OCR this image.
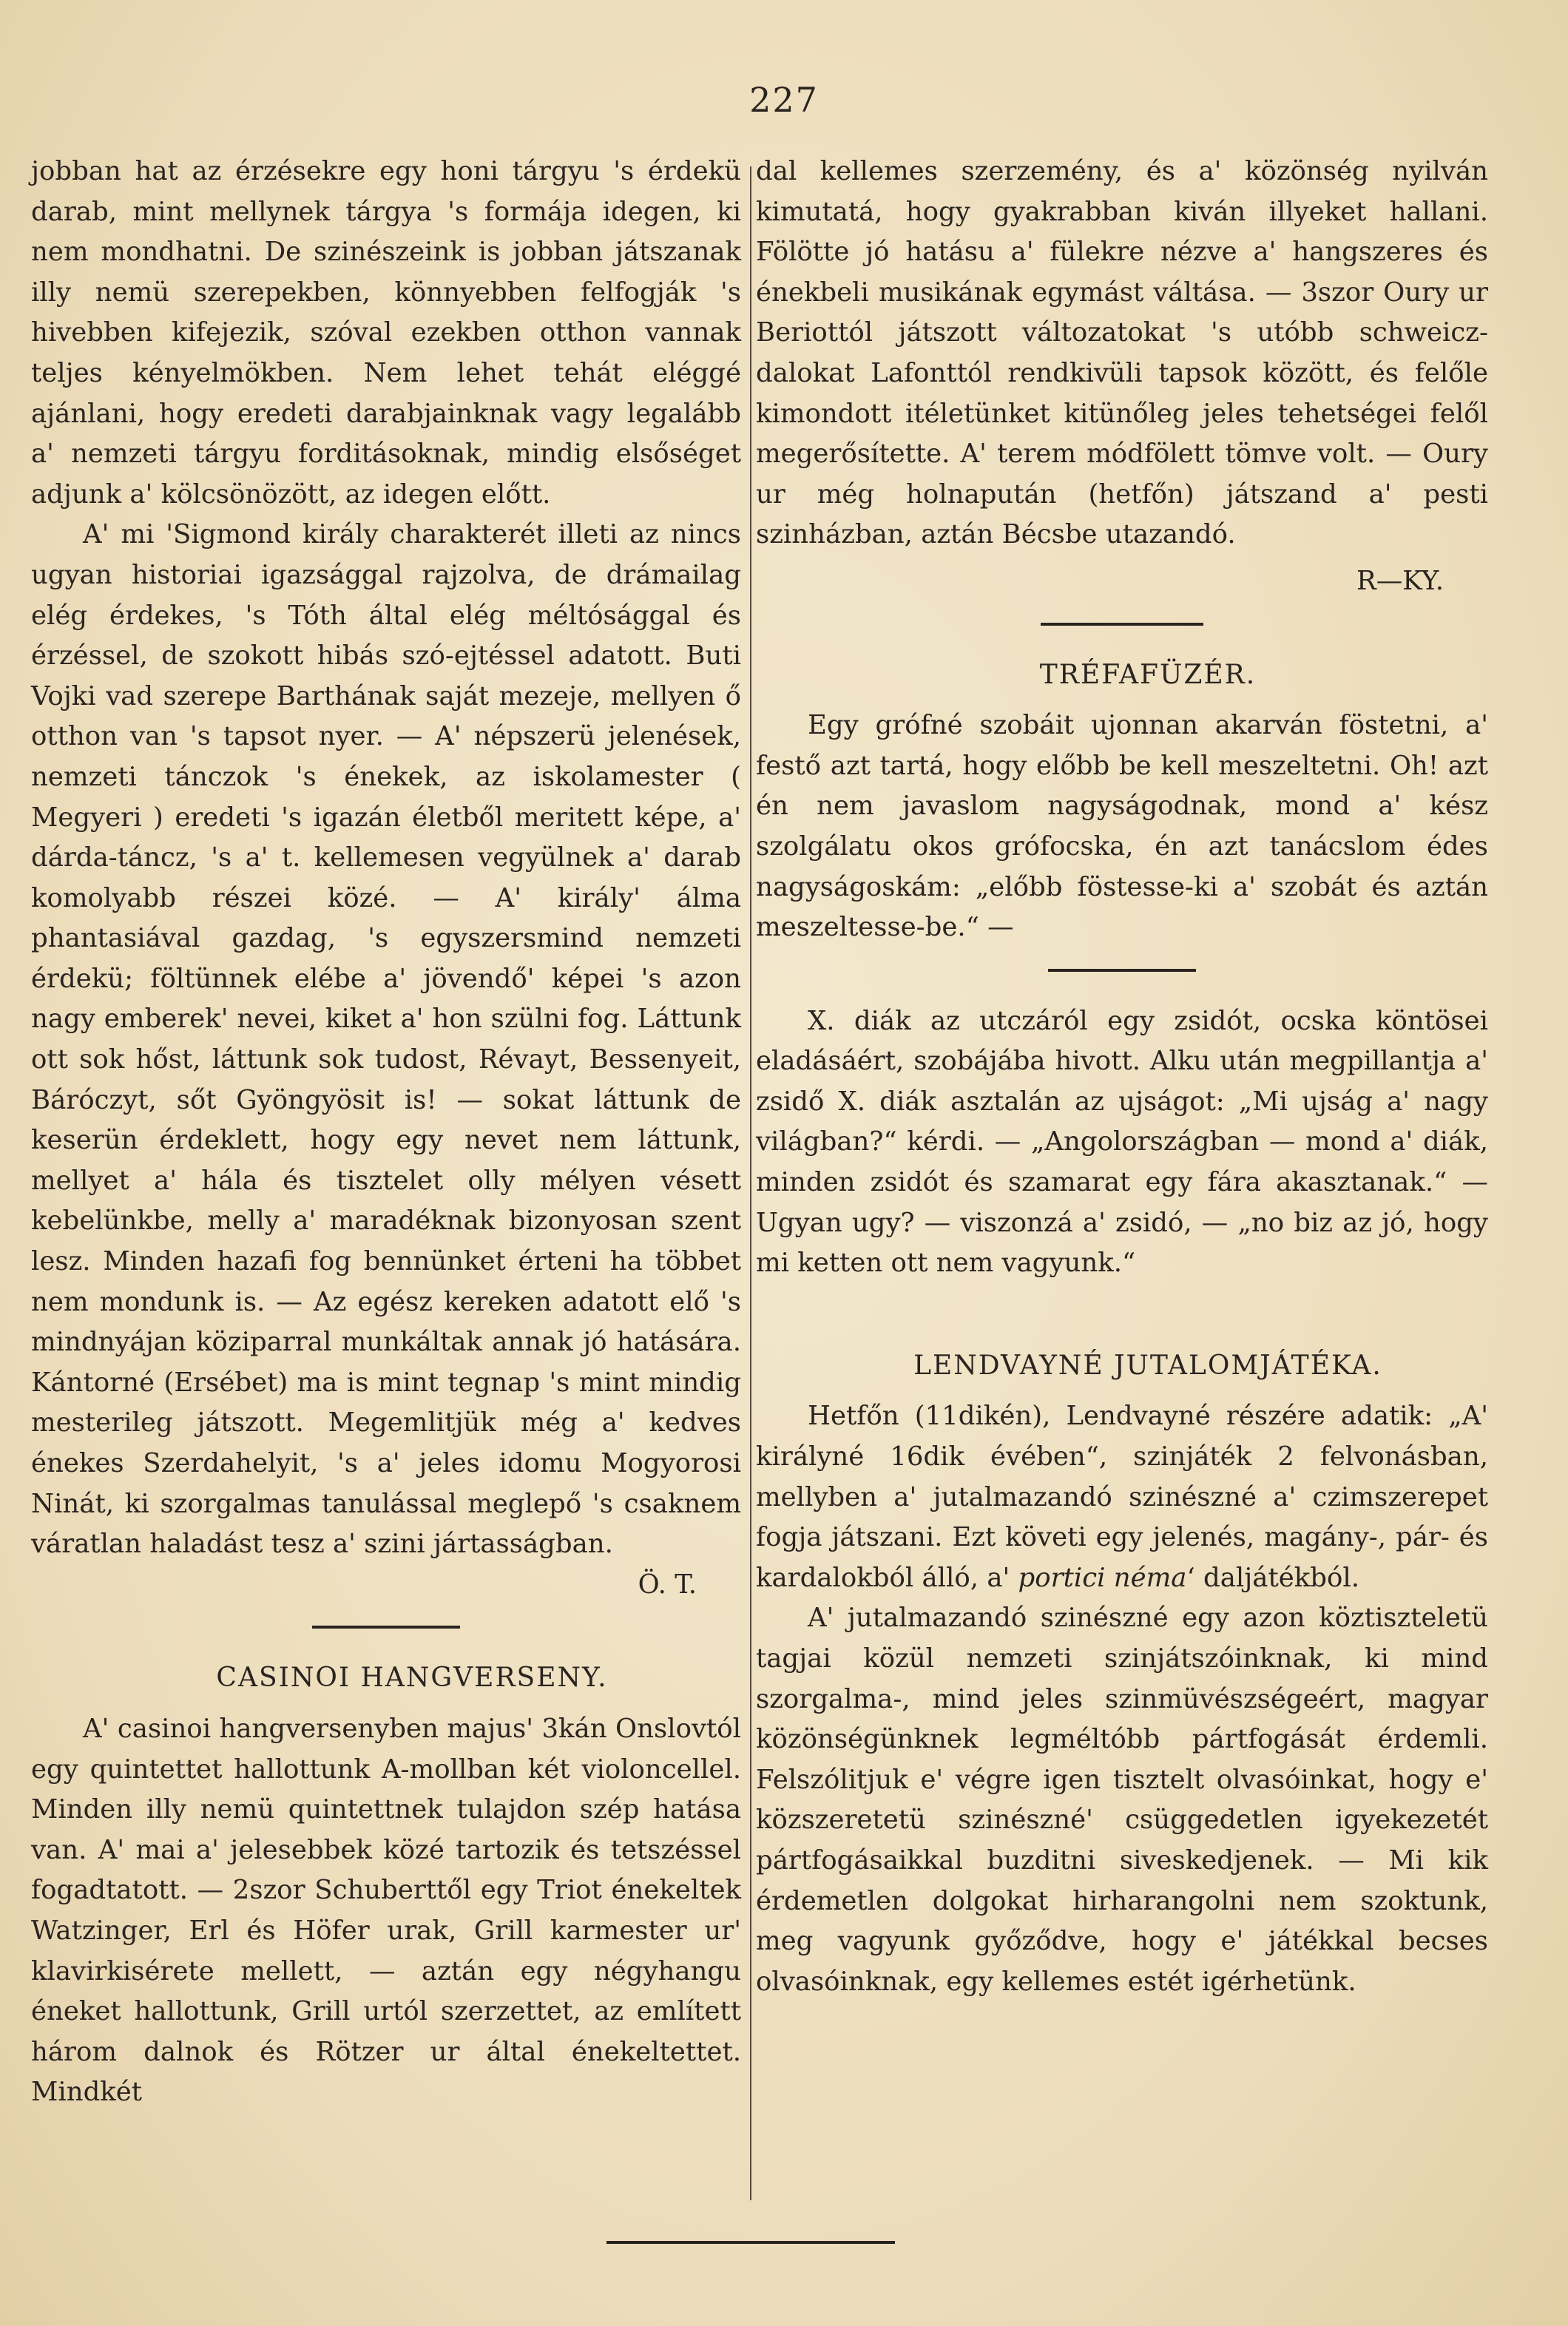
227

jobban hat az érzésekre egy honi tárgyu 's érdekü darab, mint mellynek tárgya 's formája idegen, ki nem mondhatni. De szinészeink is jobban játszanak illy nemü szerepekben, könnyebben felfogják 's hivebben kifejezik, szóval ezekben otthon vannak teljes kényelmökben. Nem lehet tehát eléggé ajánlani, hogy eredeti darabjainknak vagy legalább a' nemzeti tárgyu forditásoknak, mindig elsőséget adjunk a' kölcsönözött, az idegen előtt.

A' mi 'Sigmond király charakterét illeti az nincs ugyan historiai igazsággal rajzolva, de drámailag elég érdekes, 's Tóth által elég méltósággal és érzéssel, de szokott hibás szó-ejtéssel adatott. Buti Vojki vad szerepe Barthának saját mezeje, mellyen ő otthon van 's tapsot nyer. — A' népszerü jelenések, nemzeti tánczok 's énekek, az iskolamester ( Megyeri ) eredeti 's igazán életből meritett képe, a' dárda-táncz, 's a' t. kellemesen vegyülnek a' darab komolyabb részei közé. — A' király' álma phantasiával gazdag, 's egyszersmind nemzeti érdekü; föltünnek elébe a' jövendő' képei 's azon nagy emberek' nevei, kiket a' hon szülni fog. Láttunk ott sok hőst, láttunk sok tudost, Révayt, Bessenyeit, Báróczyt, sőt Gyöngyösit is! — sokat láttunk de keserün érdeklett, hogy egy nevet nem láttunk, mellyet a' hála és tisztelet olly mélyen vésett kebelünkbe, melly a' maradéknak bizonyosan szent lesz. Minden hazafi fog bennünket érteni ha többet nem mondunk is. — Az egész kereken adatott elő 's mindnyájan köziparral munkáltak annak jó hatására. Kántorné (Ersébet) ma is mint tegnap 's mint mindig mesterileg játszott. Megemlitjük még a' kedves énekes Szerdahelyit, 's a' jeles idomu Mogyorosi Ninát, ki szorgalmas tanulással meglepő 's csaknem váratlan haladást tesz a' szini jártasságban.

Ö. T.

CASINOI HANGVERSENY.

A' casinoi hangversenyben majus' 3kán Onslovtól egy quintettet hallottunk A-mollban két violoncellel. Minden illy nemü quintettnek tulajdon szép hatása van. A' mai a' jelesebbek közé tartozik és tetszéssel fogadtatott. — 2szor Schuberttől egy Triot énekeltek Watzinger, Erl és Höfer urak, Grill karmester ur' klavirkisérete mellett, — aztán egy négyhangu éneket hallottunk, Grill urtól szerzettet, az említett három dalnok és Rötzer ur által énekeltettet. Mindkét

dal kellemes szerzemény, és a' közönség nyilván kimutatá, hogy gyakrabban kiván illyeket hallani. Fölötte jó hatásu a' fülekre nézve a' hangszeres és énekbeli musikának egymást váltása. — 3szor Oury ur Beriottól játszott változatokat 's utóbb schweicz-dalokat Lafonttól rendkivüli tapsok között, és felőle kimondott itéletünket kitünőleg jeles tehetségei felől megerősítette. A' terem módfölett tömve volt. — Oury ur még holnapután (hetfőn) játszand a' pesti szinházban, aztán Bécsbe utazandó.

R—KY.

TRÉFAFÜZÉR.

Egy grófné szobáit ujonnan akarván föstetni, a' festő azt tartá, hogy előbb be kell meszeltetni. Oh! azt én nem javaslom nagyságodnak, mond a' kész szolgálatu okos grófocska, én azt tanácslom édes nagyságoskám: „előbb föstesse-ki a' szobát és aztán meszeltesse-be.“ —

X. diák az utczáról egy zsidót, ocska köntösei eladásáért, szobájába hivott. Alku után megpillantja a' zsidő X. diák asztalán az ujságot: „Mi ujság a' nagy világban?“ kérdi. — „Angolországban — mond a' diák, minden zsidót és szamarat egy fára akasztanak.“ — Ugyan ugy? — viszonzá a' zsidó, — „no biz az jó, hogy mi ketten ott nem vagyunk.“

LENDVAYNÉ JUTALOMJÁTÉKA.

Hetfőn (11dikén), Lendvayné részére adatik: „A' királyné 16dik évében“, szinjáték 2 felvonásban, mellyben a' jutalmazandó szinészné a' czimszerepet fogja játszani. Ezt követi egy jelenés, magány-, pár- és kardalokból álló, a' portici néma‘ daljátékból.

A' jutalmazandó szinészné egy azon köztiszteletü tagjai közül nemzeti szinjátszóinknak, ki mind szorgalma-, mind jeles szinmüvészségeért, magyar közönségünknek legméltóbb pártfogását érdemli. Felszólitjuk e' végre igen tisztelt olvasóinkat, hogy e' közszeretetü szinészné' csüggedetlen igyekezetét pártfogásaikkal buzditni siveskedjenek. — Mi kik érdemetlen dolgokat hirharangolni nem szoktunk, meg vagyunk győződve, hogy e' játékkal becses olvasóinknak, egy kellemes estét igérhetünk.
